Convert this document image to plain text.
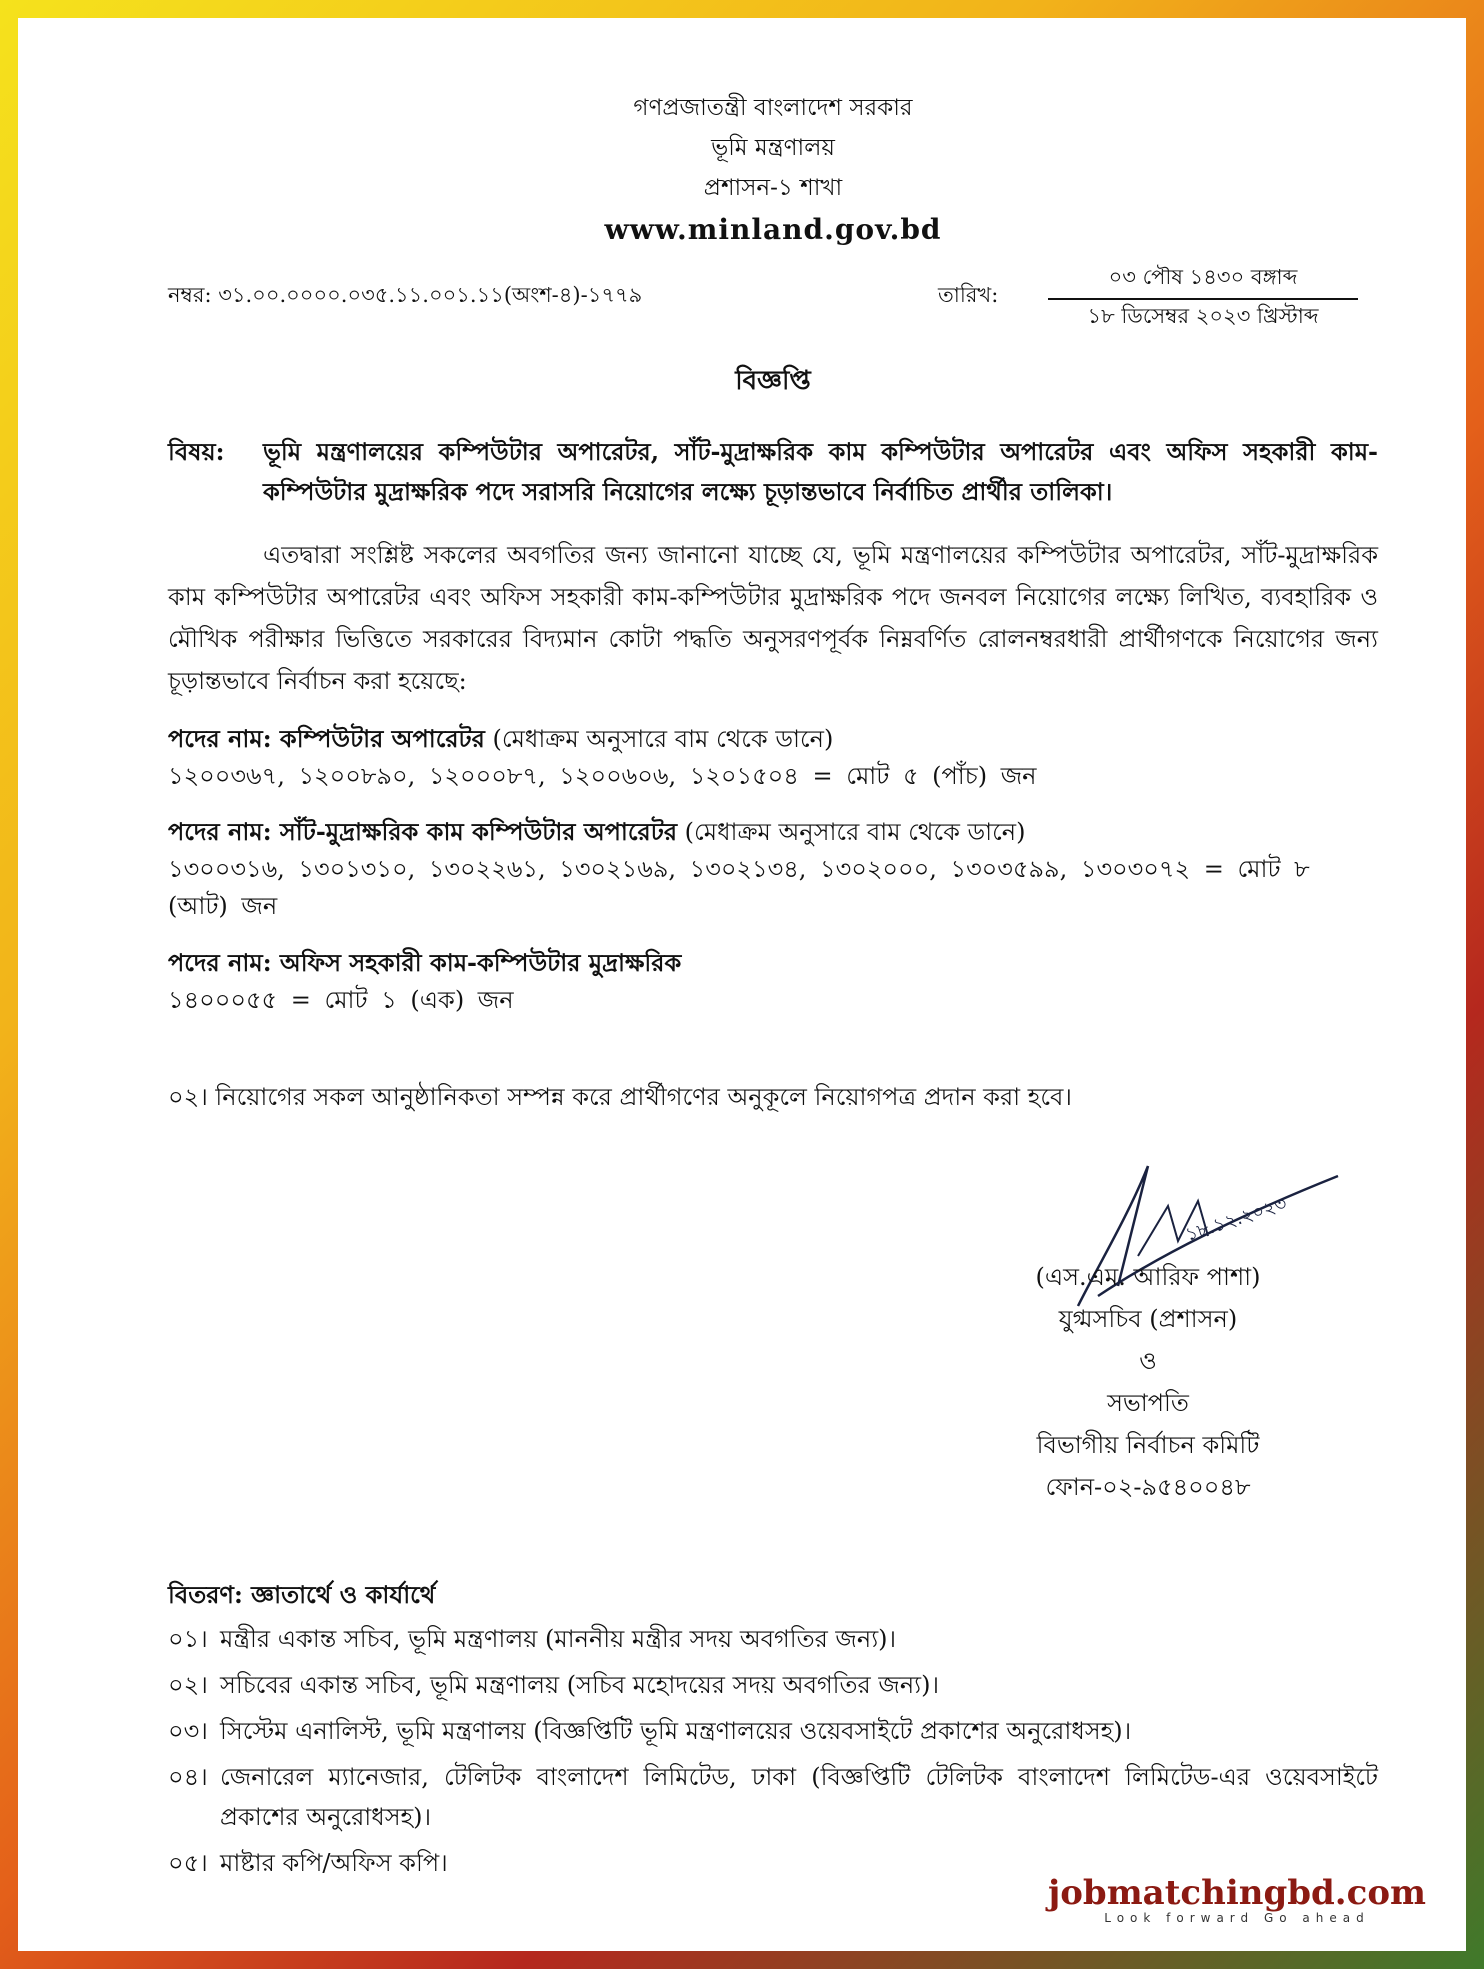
গণপ্রজাতন্ত্রী বাংলাদেশ সরকার
ভূমি মন্ত্রণালয়
প্রশাসন-১ শাখা
www.minland.gov.bd
নম্বর: ৩১.০০.০০০০.০৩৫.১১.০০১.১১(অংশ-৪)-১৭৭৯	তারিখ:
০৩ পৌষ ১৪৩০ বঙ্গাব্দ
১৮ ডিসেম্বর ২০২৩ খ্রিস্টাব্দ
বিজ্ঞপ্তি
বিষয়:	ভূমি মন্ত্রণালয়ের কম্পিউটার অপারেটর, সাঁট-মুদ্রাক্ষরিক কাম কম্পিউটার অপারেটর এবং অফিস সহকারী কাম-কম্পিউটার মুদ্রাক্ষরিক পদে সরাসরি নিয়োগের লক্ষ্যে চূড়ান্তভাবে নির্বাচিত প্রার্থীর তালিকা।
এতদ্বারা সংশ্লিষ্ট সকলের অবগতির জন্য জানানো যাচ্ছে যে, ভূমি মন্ত্রণালয়ের কম্পিউটার অপারেটর, সাঁট-মুদ্রাক্ষরিক কাম কম্পিউটার অপারেটর এবং অফিস সহকারী কাম-কম্পিউটার মুদ্রাক্ষরিক পদে জনবল নিয়োগের লক্ষ্যে লিখিত, ব্যবহারিক ও মৌখিক পরীক্ষার ভিত্তিতে সরকারের বিদ্যমান কোটা পদ্ধতি অনুসরণপূর্বক নিম্নবর্ণিত রোলনম্বরধারী প্রার্থীগণকে নিয়োগের জন্য চূড়ান্তভাবে নির্বাচন করা হয়েছে:
পদের নাম: কম্পিউটার অপারেটর (মেধাক্রম অনুসারে বাম থেকে ডানে)
১২০০৩৬৭, ১২০০৮৯০, ১২০০০৮৭, ১২০০৬০৬, ১২০১৫০৪ = মোট ৫ (পাঁচ) জন
পদের নাম: সাঁট-মুদ্রাক্ষরিক কাম কম্পিউটার অপারেটর (মেধাক্রম অনুসারে বাম থেকে ডানে)
১৩০০৩১৬, ১৩০১৩১০, ১৩০২২৬১, ১৩০২১৬৯, ১৩০২১৩৪, ১৩০২০০০, ১৩০৩৫৯৯, ১৩০৩০৭২ = মোট ৮ (আট) জন
পদের নাম: অফিস সহকারী কাম-কম্পিউটার মুদ্রাক্ষরিক
১৪০০০৫৫ = মোট ১ (এক) জন
০২। নিয়োগের সকল আনুষ্ঠানিকতা সম্পন্ন করে প্রার্থীগণের অনুকূলে নিয়োগপত্র প্রদান করা হবে।
১৮.১২.২০২৩
(এস.এম. আরিফ পাশা)
যুগ্মসচিব (প্রশাসন)
ও
সভাপতি
বিভাগীয় নির্বাচন কমিটি
ফোন-০২-৯৫৪০০৪৮
বিতরণ: জ্ঞাতার্থে ও কার্যার্থে
০১। মন্ত্রীর একান্ত সচিব, ভূমি মন্ত্রণালয় (মাননীয় মন্ত্রীর সদয় অবগতির জন্য)।
০২। সচিবের একান্ত সচিব, ভূমি মন্ত্রণালয় (সচিব মহোদয়ের সদয় অবগতির জন্য)।
০৩। সিস্টেম এনালিস্ট, ভূমি মন্ত্রণালয় (বিজ্ঞপ্তিটি ভূমি মন্ত্রণালয়ের ওয়েবসাইটে প্রকাশের অনুরোধসহ)।
০৪। জেনারেল ম্যানেজার, টেলিটক বাংলাদেশ লিমিটেড, ঢাকা (বিজ্ঞপ্তিটি টেলিটক বাংলাদেশ লিমিটেড-এর ওয়েবসাইটে প্রকাশের অনুরোধসহ)।
০৫। মাষ্টার কপি/অফিস কপি।
jobmatchingbd.com
Look forward Go ahead
